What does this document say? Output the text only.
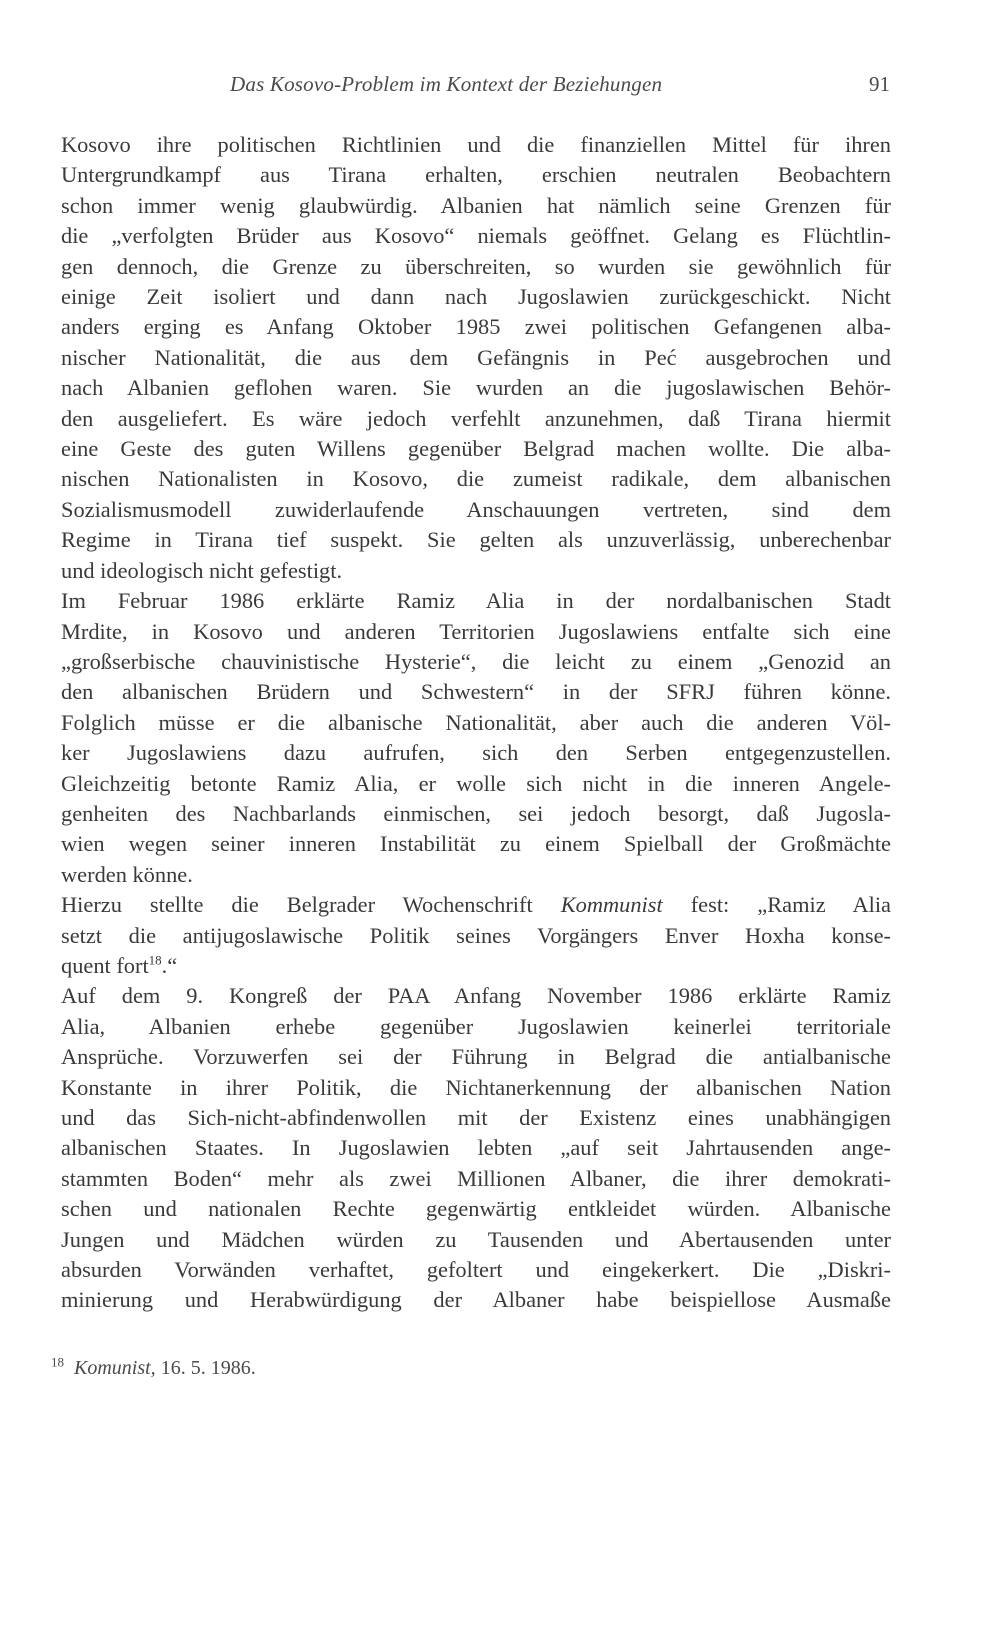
Das Kosovo-Problem im Kontext der Beziehungen	91

Kosovo ihre politischen Richtlinien und die finanziellen Mittel für ihren
Untergrundkampf aus Tirana erhalten, erschien neutralen Beobachtern
schon immer wenig glaubwürdig. Albanien hat nämlich seine Grenzen für
die „verfolgten Brüder aus Kosovo“ niemals geöffnet. Gelang es Flüchtlin-
gen dennoch, die Grenze zu überschreiten, so wurden sie gewöhnlich für
einige Zeit isoliert und dann nach Jugoslawien zurückgeschickt. Nicht
anders erging es Anfang Oktober 1985 zwei politischen Gefangenen alba-
nischer Nationalität, die aus dem Gefängnis in Peć ausgebrochen und
nach Albanien geflohen waren. Sie wurden an die jugoslawischen Behör-
den ausgeliefert. Es wäre jedoch verfehlt anzunehmen, daß Tirana hiermit
eine Geste des guten Willens gegenüber Belgrad machen wollte. Die alba-
nischen Nationalisten in Kosovo, die zumeist radikale, dem albanischen
Sozialismusmodell zuwiderlaufende Anschauungen vertreten, sind dem
Regime in Tirana tief suspekt. Sie gelten als unzuverlässig, unberechenbar
und ideologisch nicht gefestigt.

Im Februar 1986 erklärte Ramiz Alia in der nordalbanischen Stadt
Mrdite, in Kosovo und anderen Territorien Jugoslawiens entfalte sich eine
„großserbische chauvinistische Hysterie“, die leicht zu einem „Genozid an
den albanischen Brüdern und Schwestern“ in der SFRJ führen könne.
Folglich müsse er die albanische Nationalität, aber auch die anderen Völ-
ker Jugoslawiens dazu aufrufen, sich den Serben entgegenzustellen.
Gleichzeitig betonte Ramiz Alia, er wolle sich nicht in die inneren Angele-
genheiten des Nachbarlands einmischen, sei jedoch besorgt, daß Jugosla-
wien wegen seiner inneren Instabilität zu einem Spielball der Großmächte
werden könne.

Hierzu stellte die Belgrader Wochenschrift Kommunist fest: „Ramiz Alia
setzt die antijugoslawische Politik seines Vorgängers Enver Hoxha konse-
quent fort$^{18}$.“

Auf dem 9. Kongreß der PAA Anfang November 1986 erklärte Ramiz
Alia, Albanien erhebe gegenüber Jugoslawien keinerlei territoriale
Ansprüche. Vorzuwerfen sei der Führung in Belgrad die antialbanische
Konstante in ihrer Politik, die Nichtanerkennung der albanischen Nation
und das Sich-nicht-abfindenwollen mit der Existenz eines unabhängigen
albanischen Staates. In Jugoslawien lebten „auf seit Jahrtausenden ange-
stammten Boden“ mehr als zwei Millionen Albaner, die ihrer demokrati-
schen und nationalen Rechte gegenwärtig entkleidet würden. Albanische
Jungen und Mädchen würden zu Tausenden und Abertausenden unter
absurden Vorwänden verhaftet, gefoltert und eingekerkert. Die „Diskri-
minierung und Herabwürdigung der Albaner habe beispiellose Ausmaße

$^{18}$ Komunist, 16. 5. 1986.
